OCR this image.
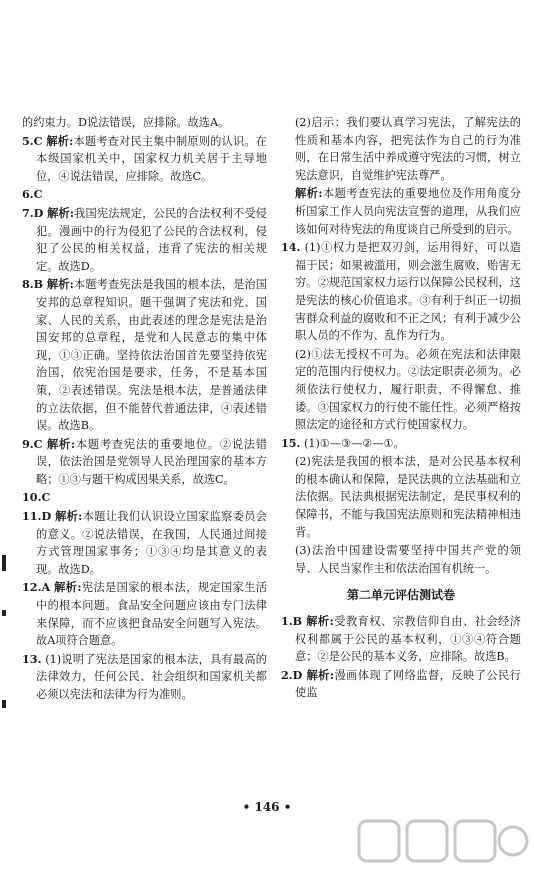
的约束力。D说法错误，应排除。故选A。

5.C 解析:本题考查对民主集中制原则的认识。在本级国家机关中，国家权力机关居于主导地位，④说法错误，应排除。故选C。

6.C

7.D 解析:我国宪法规定，公民的合法权利不受侵犯。漫画中的行为侵犯了公民的合法权利，侵犯了公民的相关权益，违背了宪法的相关规定。故选D。

8.B 解析:本题考查宪法是我国的根本法，是治国安邦的总章程知识。题干强调了宪法和党、国家、人民的关系，由此表述的理念是宪法是治国安邦的总章程，是党和人民意志的集中体现，①③正确。坚持依法治国首先要坚持依宪治国，依宪治国是要求，任务，不是基本国策，②表述错误。宪法是根本法，是普通法律的立法依据，但不能替代普通法律，④表述错误。故选B。

9.C 解析:本题考查宪法的重要地位。②说法错误，依法治国是党领导人民治理国家的基本方略；①③与题干构成因果关系，故选C。

10.C

11.D 解析:本题让我们认识设立国家监察委员会的意义。②说法错误，在我国，人民通过间接方式管理国家事务；①③④均是其意义的表现。故选D。

12.A 解析:宪法是国家的根本法，规定国家生活中的根本问题。食品安全问题应该由专门法律来保障，而不应该把食品安全问题写入宪法。故A项符合题意。

13. (1)说明了宪法是国家的根本法，具有最高的法律效力，任何公民、社会组织和国家机关都必须以宪法和法律为行为准则。

(2)启示：我们要认真学习宪法，了解宪法的性质和基本内容，把宪法作为自己的行为准则，在日常生活中养成遵守宪法的习惯，树立宪法意识，自觉维护宪法尊严。

解析:本题考查宪法的重要地位及作用角度分析国家工作人员向宪法宣誓的道理，从我们应该如何对待宪法的角度谈自己所受到的启示。

14. (1)①权力是把双刃剑，运用得好，可以造福于民；如果被滥用，则会滋生腐败，贻害无穷。②规范国家权力运行以保障公民权利，这是宪法的核心价值追求。③有利于纠正一切损害群众利益的腐败和不正之风；有利于减少公职人员的不作为、乱作为行为。

(2)①法无授权不可为。必须在宪法和法律限定的范围内行使权力。②法定职责必须为。必须依法行使权力，履行职责，不得懈怠、推诿。③国家权力的行使不能任性。必须严格按照法定的途径和方式行使国家权力。

15. (1)①—③—②—①。

(2)宪法是我国的根本法，是对公民基本权利的根本确认和保障，是民法典的立法基础和立法依据。民法典根据宪法制定，是民事权利的保障书，不能与我国宪法原则和宪法精神相违背。

(3)法治中国建设需要坚持中国共产党的领导、人民当家作主和依法治国有机统一。

第二单元评估测试卷

1.B 解析:受教育权、宗教信仰自由、社会经济权利都属于公民的基本权利，①③④符合题意；②是公民的基本义务，应排除。故选B。

2.D 解析:漫画体现了网络监督，反映了公民行使监

• 146 •
